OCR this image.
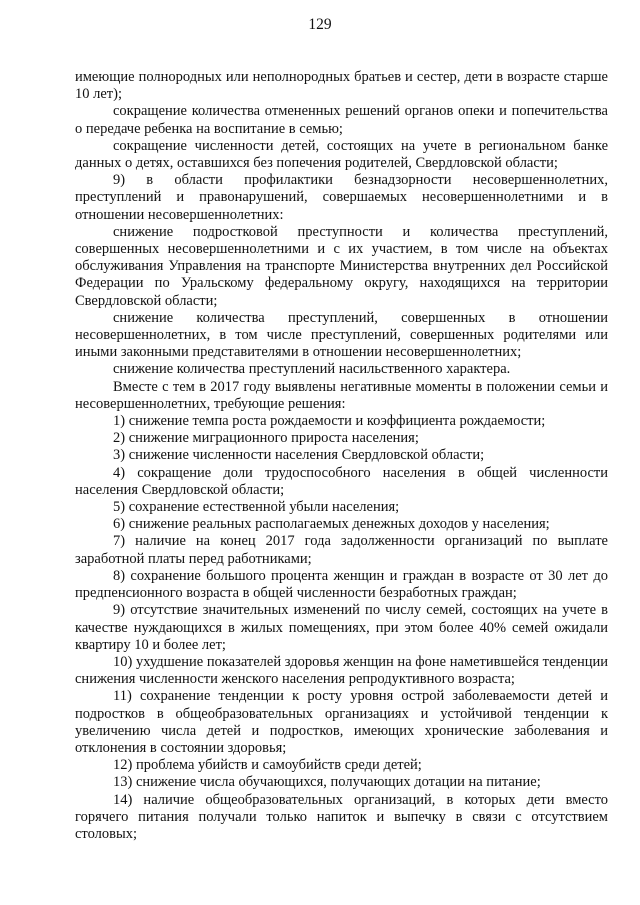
129

имеющие полнородных или неполнородных братьев и сестер, дети в возрасте старше 10 лет);

сокращение количества отмененных решений органов опеки и попечительства о передаче ребенка на воспитание в семью;

сокращение численности детей, состоящих на учете в региональном банке данных о детях, оставшихся без попечения родителей, Свердловской области;

9) в области профилактики безнадзорности несовершеннолетних, преступлений и правонарушений, совершаемых несовершеннолетними и в отношении несовершеннолетних:

снижение подростковой преступности и количества преступлений, совершенных несовершеннолетними и с их участием, в том числе на объектах обслуживания Управления на транспорте Министерства внутренних дел Российской Федерации по Уральскому федеральному округу, находящихся на территории Свердловской области;

снижение количества преступлений, совершенных в отношении несовершеннолетних, в том числе преступлений, совершенных родителями или иными законными представителями в отношении несовершеннолетних;

снижение количества преступлений насильственного характера.

Вместе с тем в 2017 году выявлены негативные моменты в положении семьи и несовершеннолетних, требующие решения:

1) снижение темпа роста рождаемости и коэффициента рождаемости;

2) снижение миграционного прироста населения;

3) снижение численности населения Свердловской области;

4) сокращение доли трудоспособного населения в общей численности населения Свердловской области;

5) сохранение естественной убыли населения;

6) снижение реальных располагаемых денежных доходов у населения;

7) наличие на конец 2017 года задолженности организаций по выплате заработной платы перед работниками;

8) сохранение большого процента женщин и граждан в возрасте от 30 лет до предпенсионного возраста в общей численности безработных граждан;

9) отсутствие значительных изменений по числу семей, состоящих на учете в качестве нуждающихся в жилых помещениях, при этом более 40% семей ожидали квартиру 10 и более лет;

10) ухудшение показателей здоровья женщин на фоне наметившейся тенденции снижения численности женского населения репродуктивного возраста;

11) сохранение тенденции к росту уровня острой заболеваемости детей и подростков в общеобразовательных организациях и устойчивой тенденции к увеличению числа детей и подростков, имеющих хронические заболевания и отклонения в состоянии здоровья;

12) проблема убийств и самоубийств среди детей;

13) снижение числа обучающихся, получающих дотации на питание;

14) наличие общеобразовательных организаций, в которых дети вместо горячего питания получали только напиток и выпечку в связи с отсутствием столовых;
